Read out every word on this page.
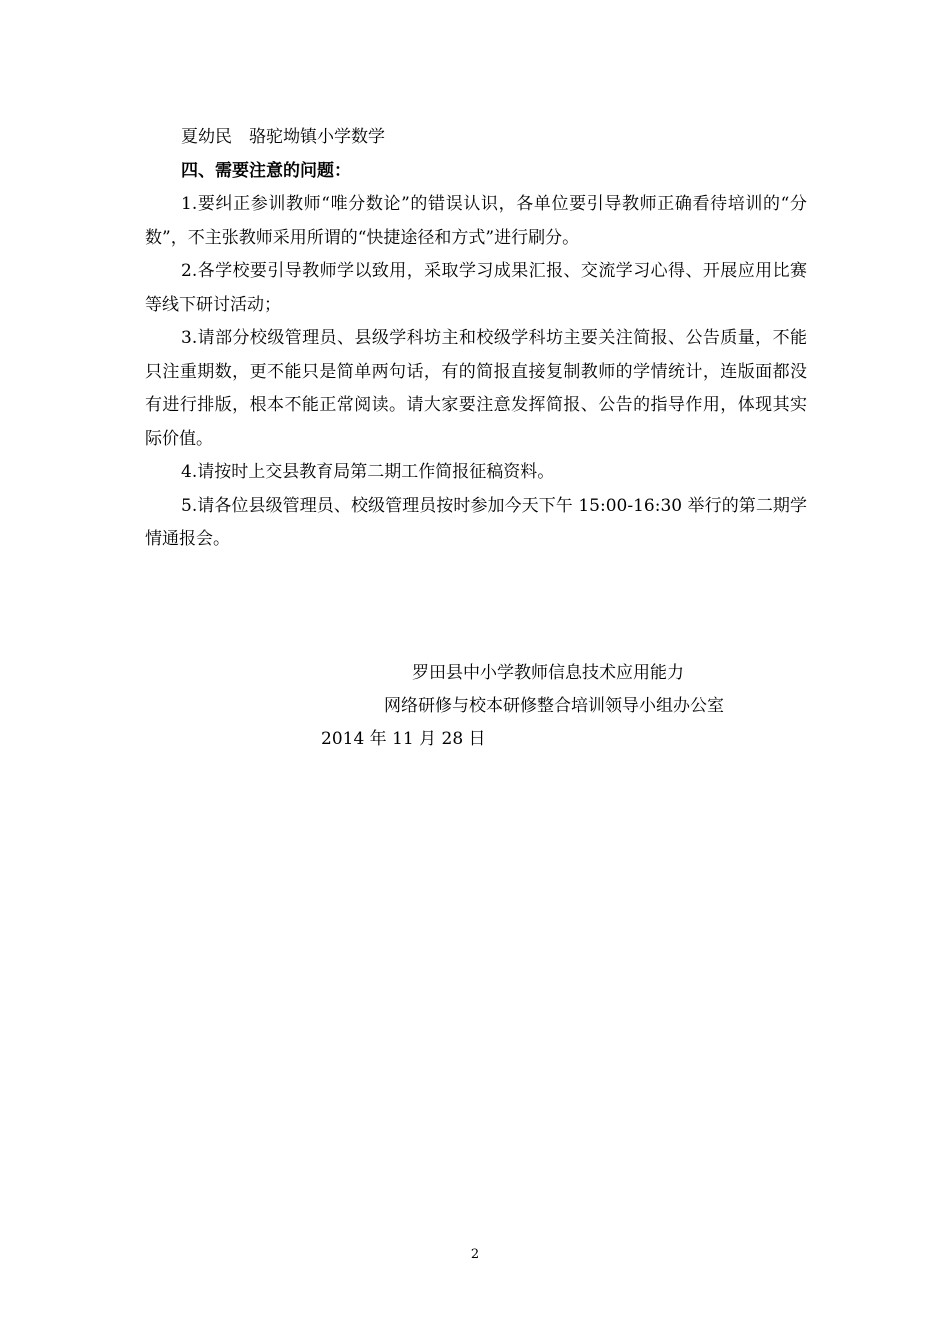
夏幼民　骆驼坳镇小学数学
四、需要注意的问题：
1.要纠正参训教师“唯分数论”的错误认识，各单位要引导教师正确看待培训的“分数”，不主张教师采用所谓的“快捷途径和方式”进行刷分。
2.各学校要引导教师学以致用，采取学习成果汇报、交流学习心得、开展应用比赛等线下研讨活动；
3.请部分校级管理员、县级学科坊主和校级学科坊主要关注简报、公告质量，不能只注重期数，更不能只是简单两句话，有的简报直接复制教师的学情统计，连版面都没有进行排版，根本不能正常阅读。请大家要注意发挥简报、公告的指导作用，体现其实际价值。
4.请按时上交县教育局第二期工作简报征稿资料。
5.请各位县级管理员、校级管理员按时参加今天下午 15:00-16:30 举行的第二期学情通报会。
罗田县中小学教师信息技术应用能力
网络研修与校本研修整合培训领导小组办公室
2014 年 11 月 28 日
2
